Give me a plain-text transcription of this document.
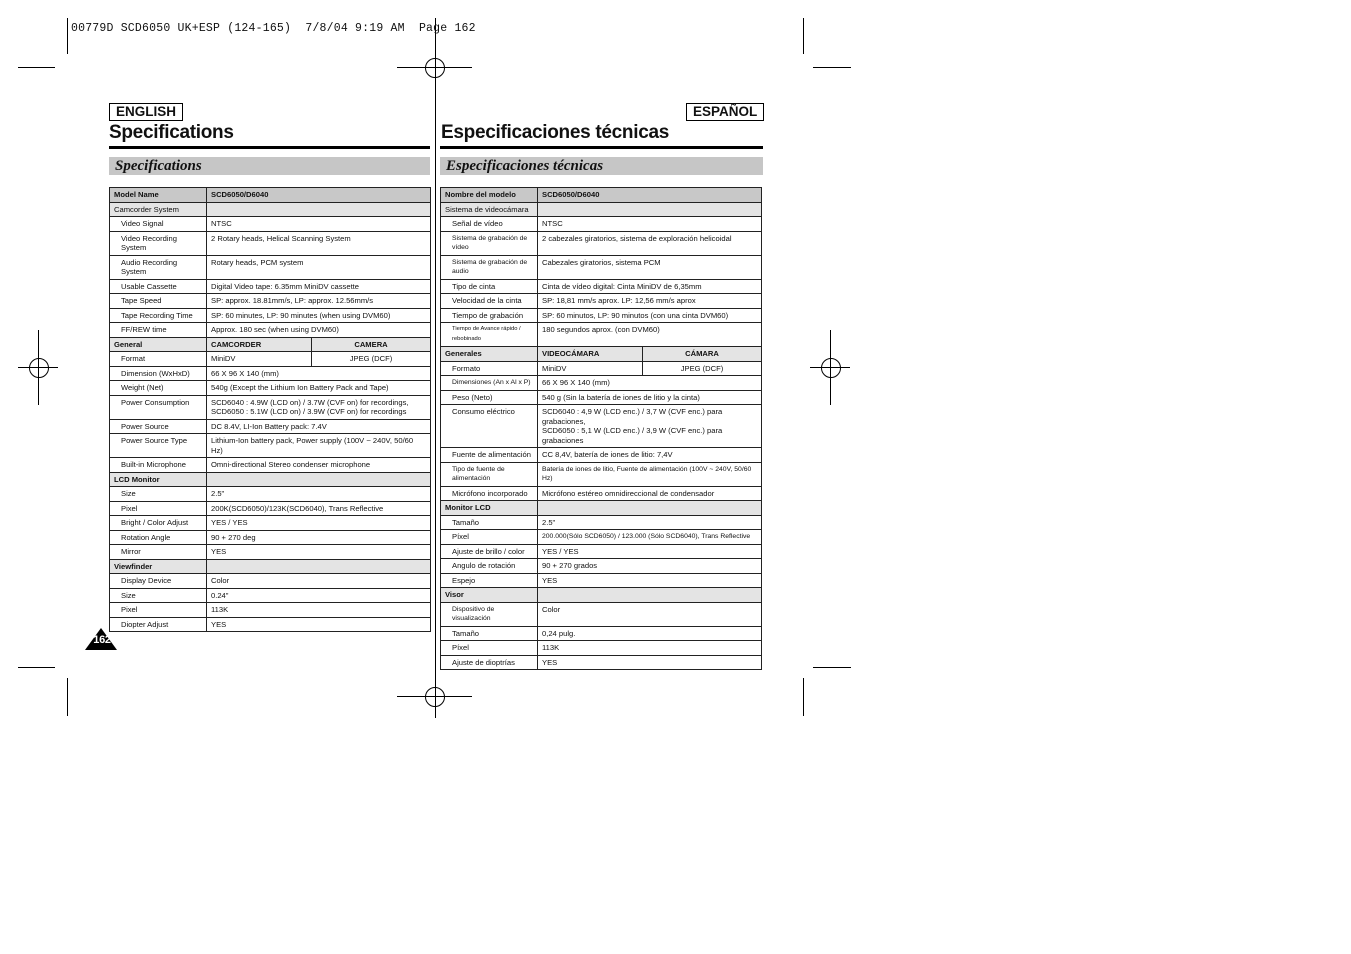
00779D SCD6050 UK+ESP (124-165)  7/8/04 9:19 AM  Page 162
ENGLISH
Specifications
Specifications
Model Name	SCD6050/D6040	
Camcorder System		
Video Signal	NTSC	
Video Recording System	2 Rotary heads, Helical Scanning System	
Audio Recording System	Rotary heads, PCM system	
Usable Cassette	Digital Video tape: 6.35mm MiniDV cassette	
Tape Speed	SP: approx. 18.81mm/s, LP: approx. 12.56mm/s	
Tape Recording Time	SP: 60 minutes, LP: 90 minutes (when using DVM60)	
FF/REW time	Approx. 180 sec (when using DVM60)	
General	CAMCORDER	CAMERA
Format	MiniDV	JPEG (DCF)
Dimension (WxHxD)	66 X 96 X 140 (mm)	
Weight (Net)	540g (Except the Lithium Ion Battery Pack and Tape)	
Power Consumption	SCD6040 : 4.9W (LCD on) / 3.7W (CVF on) for recordings,
SCD6050 : 5.1W (LCD on) / 3.9W (CVF on) for recordings	

Power Source	DC 8.4V, LI-Ion Battery pack: 7.4V	
Power Source Type	Lithium-Ion battery pack, Power supply (100V ~ 240V, 50/60 Hz)	
Built-in Microphone	Omni-directional Stereo condenser microphone	
LCD Monitor		
Size	2.5"	
Pixel	200K(SCD6050)/123K(SCD6040), Trans Reflective	
Bright / Color Adjust	YES / YES	
Rotation Angle	90 + 270 deg	
Mirror	YES	
Viewfinder		
Display Device	Color	
Size	0.24"	
Pixel	113K	
Diopter Adjust	YES	
ESPAÑOL
Especificaciones técnicas
Especificaciones técnicas
Nombre del modelo	SCD6050/D6040	
Sistema de videocámara		
Señal de vídeo	NTSC	
Sistema de grabación de vídeo	2 cabezales giratorios, sistema de exploración helicoidal	
Sistema de grabación de audio	Cabezales giratorios, sistema PCM	
Tipo de cinta	Cinta de vídeo digital: Cinta MiniDV de 6,35mm	
Velocidad de la cinta	SP: 18,81 mm/s aprox. LP: 12,56 mm/s aprox	
Tiempo de grabación	SP: 60 minutos, LP: 90 minutos (con una cinta DVM60)	
Tiempo de Avance rápido / rebobinado	180 segundos aprox. (con DVM60)	
Generales	VIDEOCÁMARA	CÁMARA
Formato	MiniDV	JPEG (DCF)
Dimensiones (An x Al x P)	66 X 96 X 140 (mm)	
Peso (Neto)	540 g (Sin la batería de iones de litio y la cinta)	
Consumo eléctrico	SCD6040 : 4,9 W (LCD enc.) / 3,7 W (CVF enc.) para grabaciones,
SCD6050 : 5,1 W (LCD enc.) / 3,9 W (CVF enc.) para grabaciones	

Fuente de alimentación	CC 8,4V, batería de iones de litio: 7,4V	
Tipo de fuente de alimentación	Batería de iones de litio, Fuente de alimentación (100V ~ 240V, 50/60 Hz)	
Micrófono incorporado	Micrófono estéreo omnidireccional de condensador	
Monitor LCD		
Tamaño	2.5"	
Píxel	200.000(Sólo SCD6050) / 123.000 (Sólo SCD6040), Trans Reflective	
Ajuste de brillo / color	YES / YES	
Angulo de rotación	90 + 270 grados	
Espejo	YES	
Visor		
Dispositivo de visualización	Color	
Tamaño	0,24 pulg.	
Píxel	113K	
Ajuste de dioptrías	YES	
162
